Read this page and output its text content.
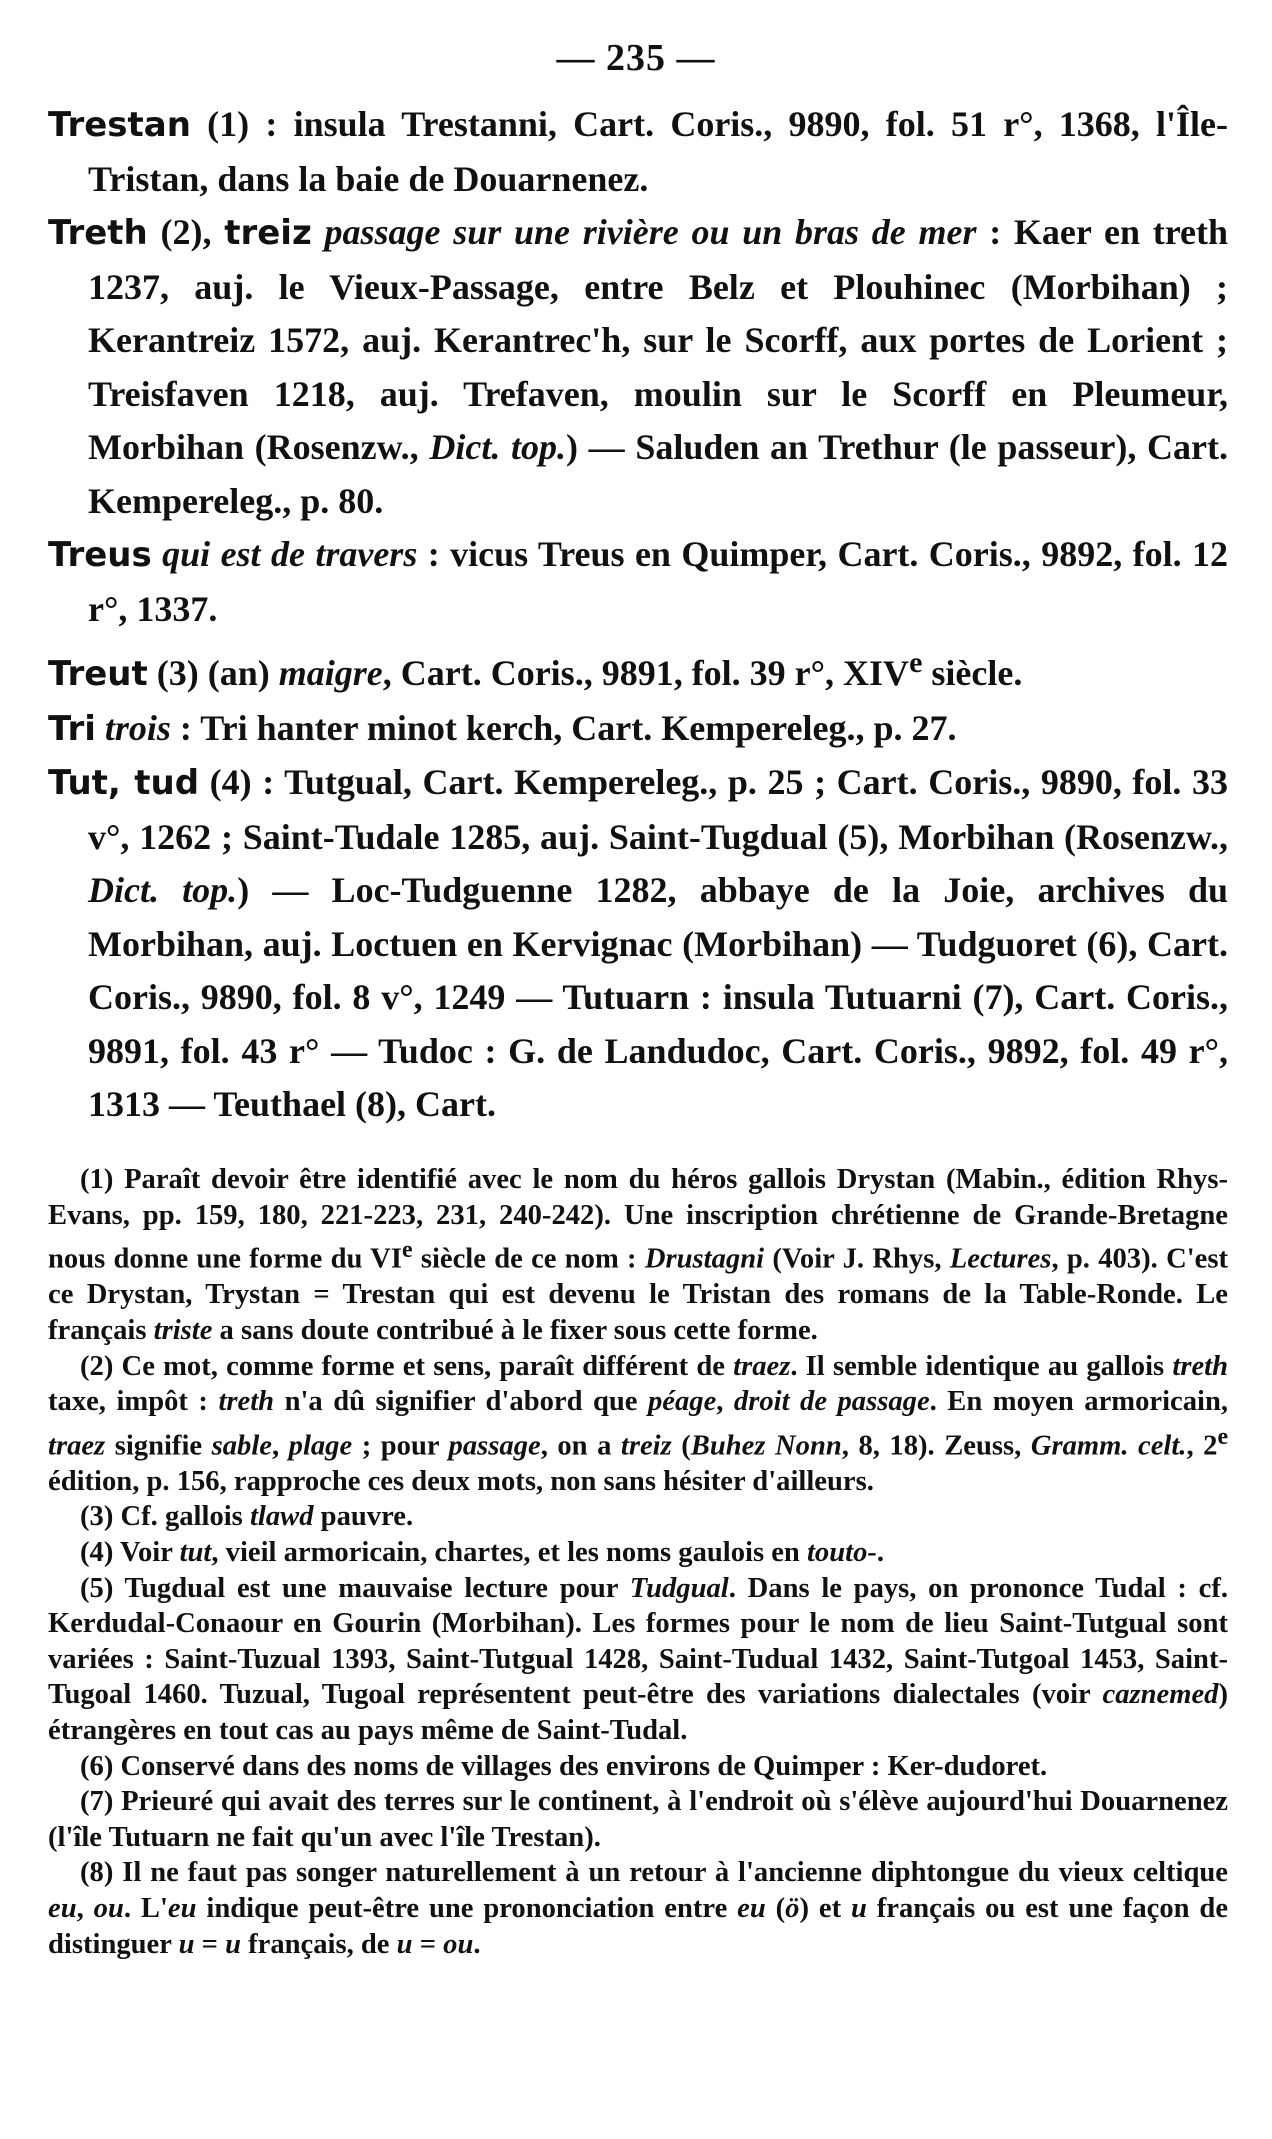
— 235 —

Trestan (1) : insula Trestanni, Cart. Coris., 9890, fol. 51 r°, 1368, l'Île-Tristan, dans la baie de Douarnenez.

Treth (2), treiz passage sur une rivière ou un bras de mer : Kaer en treth 1237, auj. le Vieux-Passage, entre Belz et Plouhinec (Morbihan) ; Kerantreiz 1572, auj. Kerantrec'h, sur le Scorff, aux portes de Lorient ; Treisfaven 1218, auj. Trefaven, moulin sur le Scorff en Pleumeur, Morbihan (Rosenzw., Dict. top.) — Saluden an Trethur (le passeur), Cart. Kempereleg., p. 80.

Treus qui est de travers : vicus Treus en Quimper, Cart. Coris., 9892, fol. 12 r°, 1337.

Treut (3) (an) maigre, Cart. Coris., 9891, fol. 39 r°, XIVe siècle.

Tri trois : Tri hanter minot kerch, Cart. Kempereleg., p. 27.

Tut, tud (4) : Tutgual, Cart. Kempereleg., p. 25 ; Cart. Coris., 9890, fol. 33 v°, 1262 ; Saint-Tudale 1285, auj. Saint-Tugdual (5), Morbihan (Rosenzw., Dict. top.) — Loc-Tudguenne 1282, abbaye de la Joie, archives du Morbihan, auj. Loctuen en Kervignac (Morbihan) — Tudguoret (6), Cart. Coris., 9890, fol. 8 v°, 1249 — Tutuarn : insula Tutuarni (7), Cart. Coris., 9891, fol. 43 r° — Tudoc : G. de Landudoc, Cart. Coris., 9892, fol. 49 r°, 1313 — Teuthael (8), Cart.

(1) Paraît devoir être identifié avec le nom du héros gallois Drystan (Mabin., édition Rhys-Evans, pp. 159, 180, 221-223, 231, 240-242). Une inscription chrétienne de Grande-Bretagne nous donne une forme du VIe siècle de ce nom : Drustagni (Voir J. Rhys, Lectures, p. 403). C'est ce Drystan, Trystan = Trestan qui est devenu le Tristan des romans de la Table-Ronde. Le français triste a sans doute contribué à le fixer sous cette forme.

(2) Ce mot, comme forme et sens, paraît différent de traez. Il semble identique au gallois treth taxe, impôt : treth n'a dû signifier d'abord que péage, droit de passage. En moyen armoricain, traez signifie sable, plage ; pour passage, on a treiz (Buhez Nonn, 8, 18). Zeuss, Gramm. celt., 2e édition, p. 156, rapproche ces deux mots, non sans hésiter d'ailleurs.

(3) Cf. gallois tlawd pauvre.

(4) Voir tut, vieil armoricain, chartes, et les noms gaulois en touto-.

(5) Tugdual est une mauvaise lecture pour Tudgual. Dans le pays, on prononce Tudal : cf. Kerdudal-Conaour en Gourin (Morbihan). Les formes pour le nom de lieu Saint-Tutgual sont variées : Saint-Tuzual 1393, Saint-Tutgual 1428, Saint-Tudual 1432, Saint-Tutgoal 1453, Saint-Tugoal 1460. Tuzual, Tugoal représentent peut-être des variations dialectales (voir caznemed) étrangères en tout cas au pays même de Saint-Tudal.

(6) Conservé dans des noms de villages des environs de Quimper : Ker-dudoret.

(7) Prieuré qui avait des terres sur le continent, à l'endroit où s'élève aujourd'hui Douarnenez (l'île Tutuarn ne fait qu'un avec l'île Trestan).

(8) Il ne faut pas songer naturellement à un retour à l'ancienne diphtongue du vieux celtique eu, ou. L'eu indique peut-être une prononciation entre eu (ö) et u français ou est une façon de distinguer u = u français, de u = ou.
